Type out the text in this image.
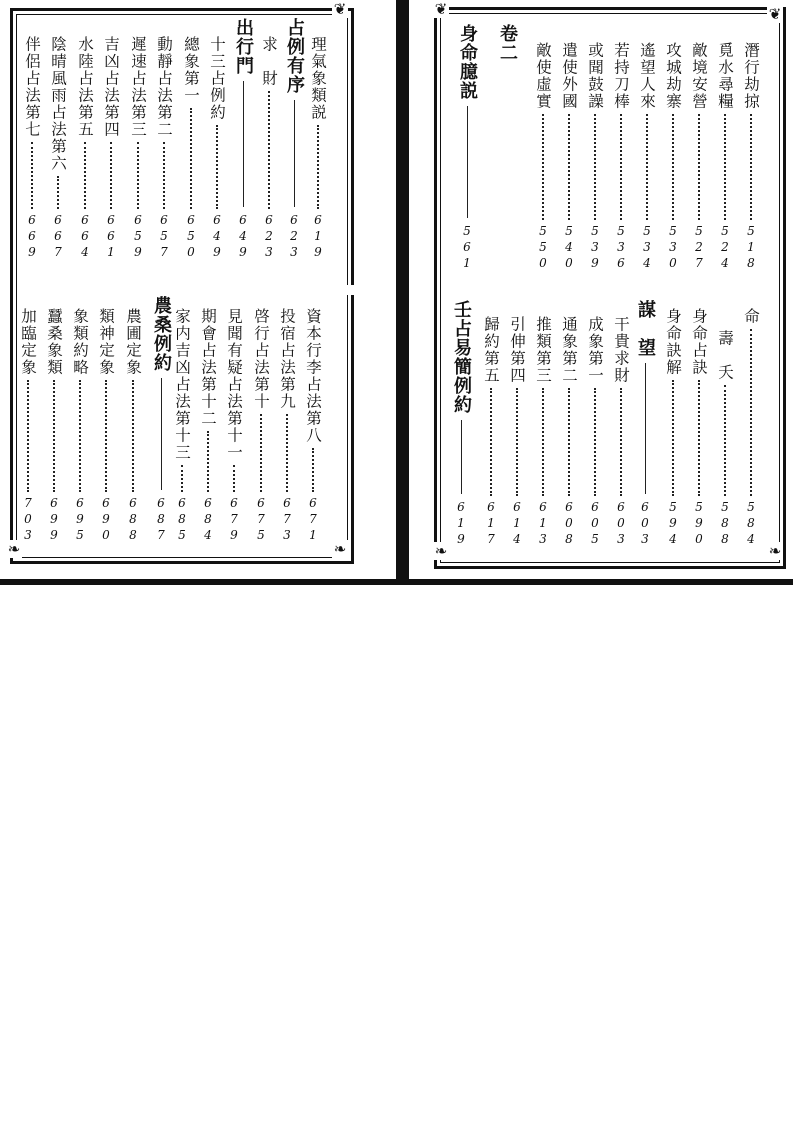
❦
❧
❧
占例有序
623
出行門
649
農桑例約
687
理氣象類説
619
求　財
623
十三占例約
649
總象第一
650
動靜占法第二
657
遲速占法第三
659
吉凶占法第四
661
水陸占法第五
664
陰晴風雨占法第六
667
伴侶占法第七
669
資本行李占法第八
671
投宿占法第九
673
啓行占法第十
675
見聞有疑占法第十一
679
期會占法第十二
684
家内吉凶占法第十三
685
農圃定象
688
類神定象
690
象類約略
695
蠶桑象類
699
加臨定象
703
❦	❦
❧	❧
潛行劫掠
518
覓水尋糧
524
敵境安營
527
攻城劫寨
530
遙望人來
534
若持刀棒
536
或聞鼓譟
539
遣使外國
540
敵使虛實
550
卷二
身命臆説
561
命
584
壽　夭
588
身命占訣
590
身命訣解
594
謀　望
603
干貴求財
603
成象第一
605
通象第二
608
推類第三
613
引伸第四
614
歸約第五
617
壬占易簡例約
619
